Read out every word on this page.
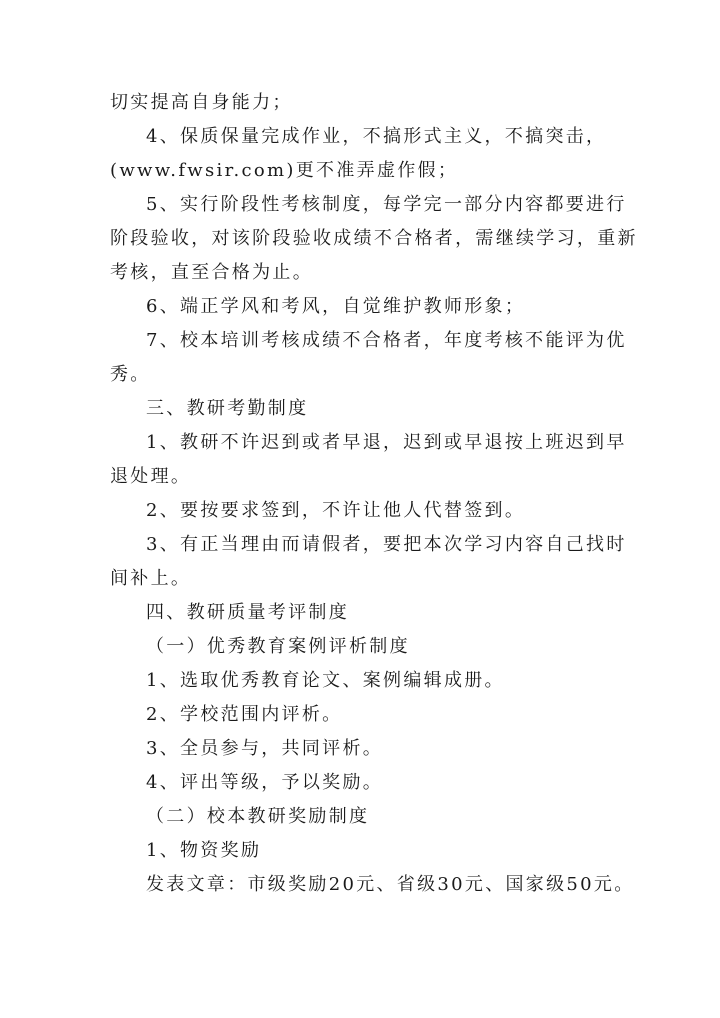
切实提高自身能力；

4、保质保量完成作业，不搞形式主义，不搞突击，(www.fwsir.com)更不准弄虚作假；

5、实行阶段性考核制度，每学完一部分内容都要进行阶段验收，对该阶段验收成绩不合格者，需继续学习，重新考核，直至合格为止。

6、端正学风和考风，自觉维护教师形象；

7、校本培训考核成绩不合格者，年度考核不能评为优秀。

三、教研考勤制度

1、教研不许迟到或者早退，迟到或早退按上班迟到早退处理。

2、要按要求签到，不许让他人代替签到。

3、有正当理由而请假者，要把本次学习内容自己找时间补上。

四、教研质量考评制度

（一）优秀教育案例评析制度

1、选取优秀教育论文、案例编辑成册。

2、学校范围内评析。

3、全员参与，共同评析。

4、评出等级，予以奖励。

（二）校本教研奖励制度

1、物资奖励

发表文章：市级奖励20元、省级30元、国家级50元。
